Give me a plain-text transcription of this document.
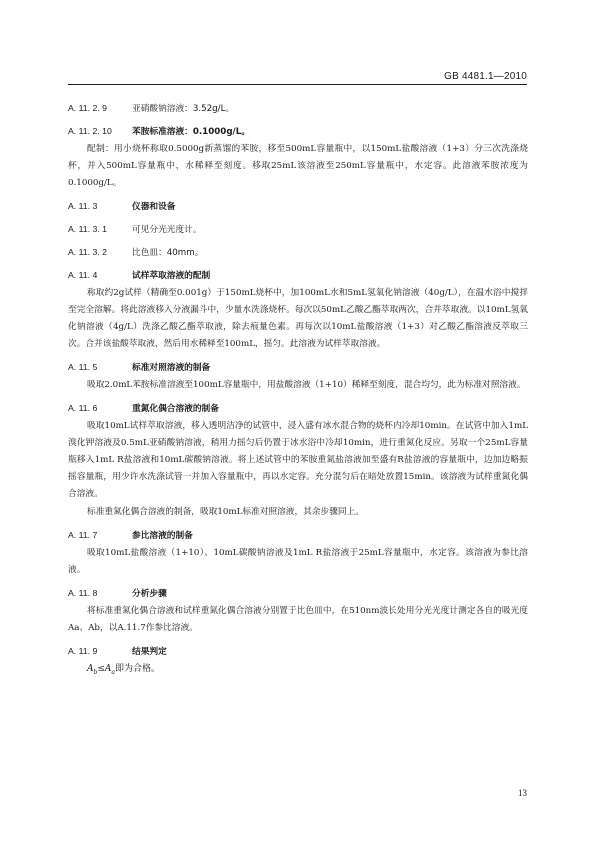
GB 4481.1—2010
A. 11. 2. 9	亚硝酸钠溶液：3.52g/L。
A. 11. 2. 10 苯胺标准溶液：0.1000g/L。
配制：用小烧杯称取0.5000g新蒸馏的苯胺，移至500mL容量瓶中，以150mL盐酸溶液（1+3）分三次洗涤烧杯，并入500mL容量瓶中，水稀释至刻度。移取25mL该溶液至250mL容量瓶中，水定容。此溶液苯胺浓度为0.1000g/L。
A. 11. 3	仪器和设备
A. 11. 3. 1	可见分光光度计。
A. 11. 3. 2	比色皿：40mm。
A. 11. 4	试样萃取溶液的配制
称取约2g试样（精确至0.001g）于150mL烧杯中，加100mL水和5mL氢氧化钠溶液（40g/L），在温水浴中搅拌至完全溶解。将此溶液移入分液漏斗中，少量水洗涤烧杯。每次以50mL乙酸乙酯萃取两次，合并萃取液。以10mL氢氧化钠溶液（4g/L）洗涤乙酸乙酯萃取液，除去痕量色素。再每次以10mL盐酸溶液（1+3）对乙酸乙酯溶液反萃取三次。合并该盐酸萃取液，然后用水稀释至100mL，摇匀。此溶液为试样萃取溶液。
A. 11. 5	标准对照溶液的制备
吸取2.0mL苯胺标准溶液至100mL容量瓶中，用盐酸溶液（1+10）稀释至刻度，混合均匀，此为标准对照溶液。
A. 11. 6	重氮化偶合溶液的制备
吸取10mL试样萃取溶液，移入透明洁净的试管中，浸入盛有冰水混合物的烧杯内冷却10min。在试管中加入1mL溴化钾溶液及0.5mL亚硝酸钠溶液，稍用力摇匀后仍置于冰水浴中冷却10min，进行重氮化反应。另取一个25mL容量瓶移入1mL R盐溶液和10mL碳酸钠溶液。将上述试管中的苯胺重氮盐溶液加至盛有R盐溶液的容量瓶中，边加边略振摇容量瓶，用少许水洗涤试管一并加入容量瓶中，再以水定容。充分混匀后在暗处放置15min。该溶液为试样重氮化偶合溶液。
标准重氮化偶合溶液的制备，吸取10mL标准对照溶液，其余步骤同上。
A. 11. 7	参比溶液的制备
吸取10mL盐酸溶液（1+10）、10mL碳酸钠溶液及1mL R盐溶液于25mL容量瓶中，水定容。该溶液为参比溶液。
A. 11. 8	分析步骤
将标准重氮化偶合溶液和试样重氮化偶合溶液分别置于比色皿中，在510nm波长处用分光光度计测定各自的吸光度Aa、Ab，以A.11.7作参比溶液。
A. 11. 9	结果判定
$A_b\le A_a$即为合格。
13
